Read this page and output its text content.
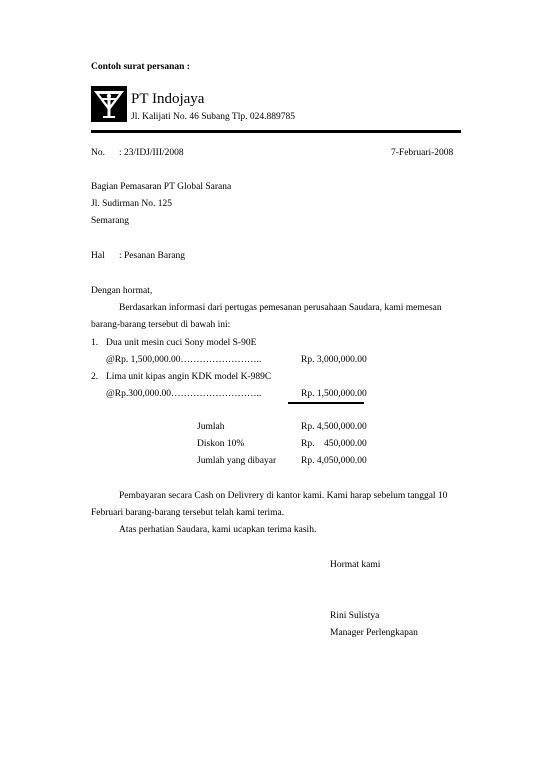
Contoh surat persanan :
PT Indojaya
Jl. Kalijati No. 46 Subang Tlp. 024.889785
No. : 23/IDJ/III/2008	7-Februari-2008
Bagian Pemasaran PT Global Sarana
Jl. Sudirman No. 125
Semarang
Hal : Pesanan Barang
Dengan hormat,
Berdasarkan informasi dari pertugas pemesanan perusahaan Saudara, kami memesan
barang-barang tersebut di bawah ini:
1. Dua unit mesin cuci Sony model S-90E
@Rp. 1,500,000.00……………………..	Rp. 3,000,000.00
2. Lima unit kipas angin KDK model K-989C
@Rp.300,000.00………………………..	Rp. 1,500,000.00
Jumlah	Rp. 4,500,000.00
Diskon 10%	Rp.    450,000.00
Jumlah yang dibayar	Rp. 4,050,000.00
Pembayaran secara Cash on Delivrery di kantor kami. Kami harap sebelum tanggal 10
Februari barang-barang tersebut telah kami terima.
Atas perhatian Saudara, kami ucapkan terima kasih.
Hormat kami
Rini Sulistya
Manager Perlengkapan
